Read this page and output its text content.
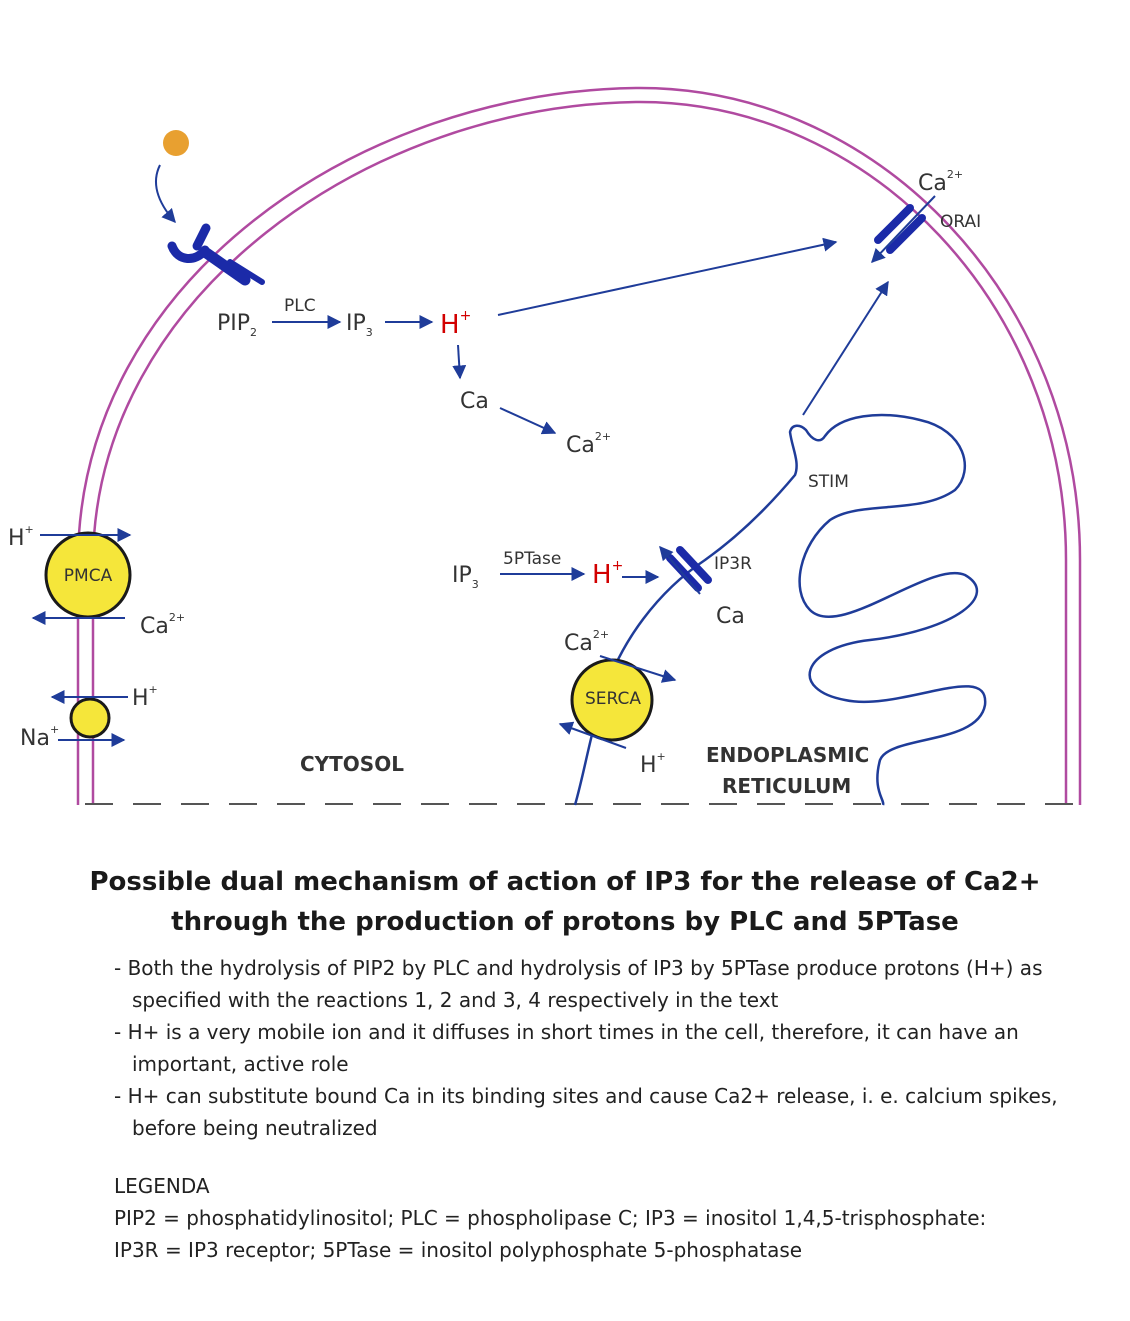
PMCA
H+
$Ca^{2+}$
H+
Na+
$PIP_2$
PLC
$IP_3$	H+
Ca
$Ca^{2+}$
$Ca^{2+}$
ORAI
STIM
$IP_3$
5PTase
H+	IP3R
Ca
$Ca^{2+}$
SERCA
H+
CYTOSOL	ENDOPLASMIC
RETICULUM
Possible dual mechanism of action of IP3 for the release of Ca2+
through the production of protons by PLC and 5PTase
- Both the hydrolysis of PIP2 by PLC and hydrolysis of IP3 by 5PTase produce protons (H+) as specified with the reactions 1, 2 and 3, 4 respectively in the text
- H+ is a very mobile ion and it diffuses in short times in the cell, therefore, it can have an important, active role
- H+ can substitute bound Ca in its binding sites and cause Ca2+ release, i. e. calcium spikes, before being neutralized
LEGENDA
PIP2 = phosphatidylinositol; PLC = phospholipase C; IP3 = inositol 1,4,5-trisphosphate:
IP3R = IP3 receptor; 5PTase = inositol polyphosphate 5-phosphatase
